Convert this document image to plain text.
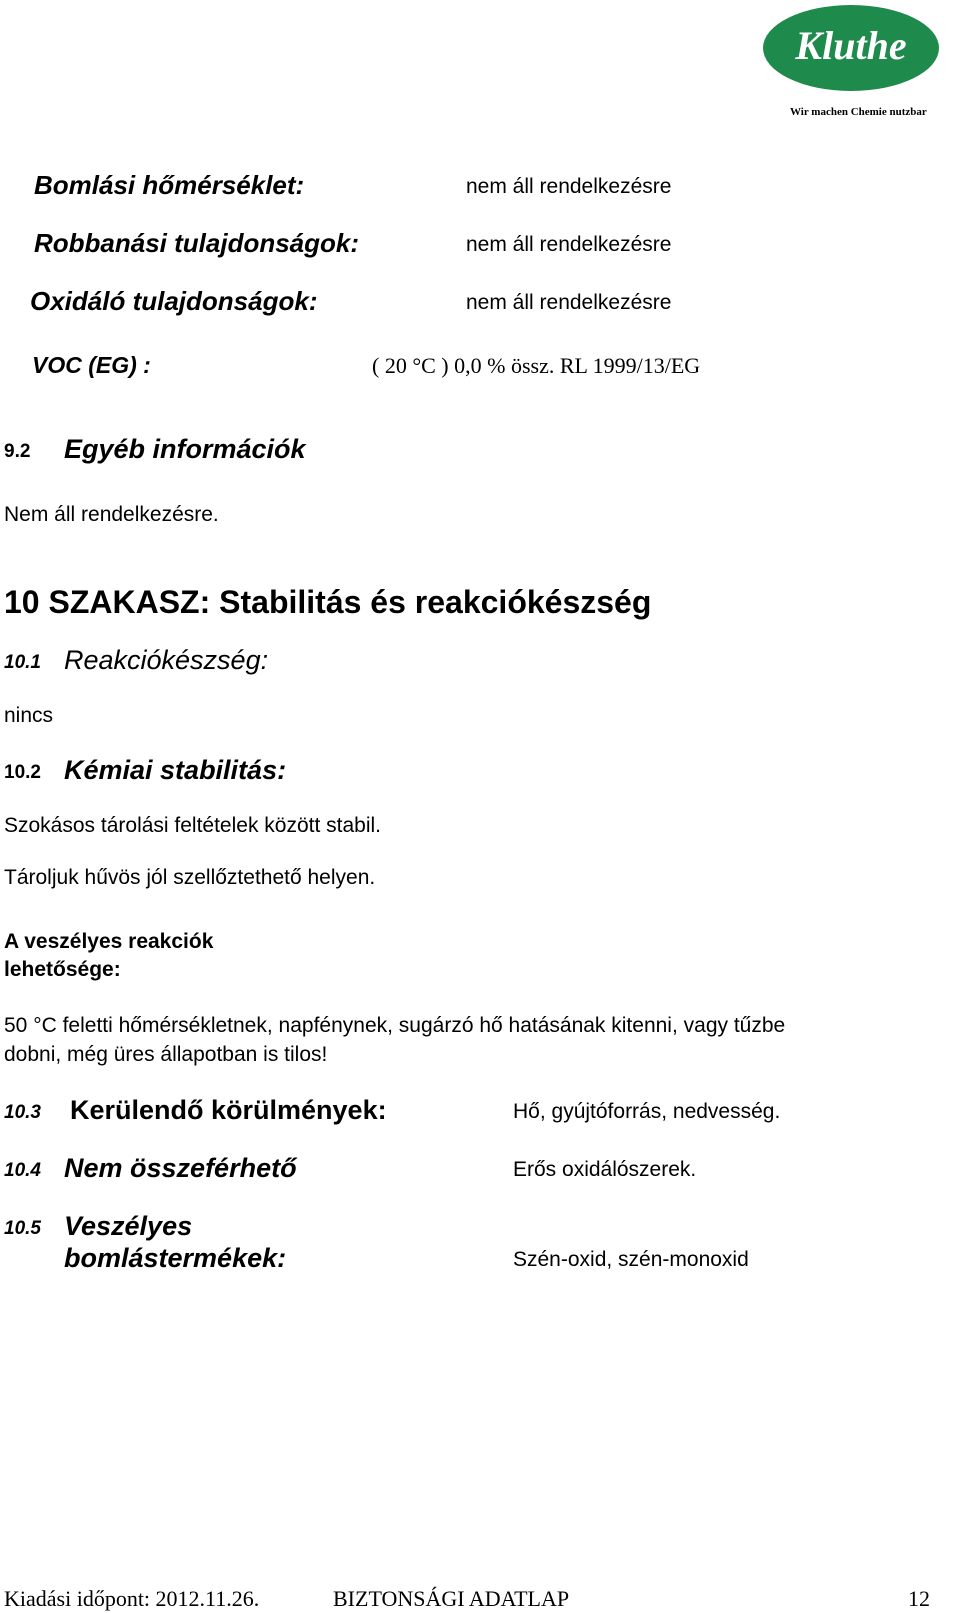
Kluthe
Wir machen Chemie nutzbar
Bomlási hőmérséklet:	nem áll rendelkezésre
Robbanási tulajdonságok:	nem áll rendelkezésre
Oxidáló tulajdonságok:	nem áll rendelkezésre
VOC (EG) :	( 20 °C ) 0,0 % össz. RL 1999/13/EG
9.2 Egyéb információk
Nem áll rendelkezésre.
10 SZAKASZ: Stabilitás és reakciókészség
10.1 Reakciókészség:
nincs
10.2 Kémiai stabilitás:
Szokásos tárolási feltételek között stabil.
Tároljuk hűvös jól szellőztethető helyen.
A veszélyes reakciók
lehetősége:
50 °C feletti hőmérsékletnek, napfénynek, sugárzó hő hatásának kitenni, vagy tűzbe
dobni, még üres állapotban is tilos!
10.3 Kerülendő körülmények:	Hő, gyújtóforrás, nedvesség.
10.4 Nem összeférhető	Erős oxidálószerek.
10.5 Veszélyes
bomlástermékek:	Szén-oxid, szén-monoxid
Kiadási időpont: 2012.11.26.	BIZTONSÁGI ADATLAP	12
